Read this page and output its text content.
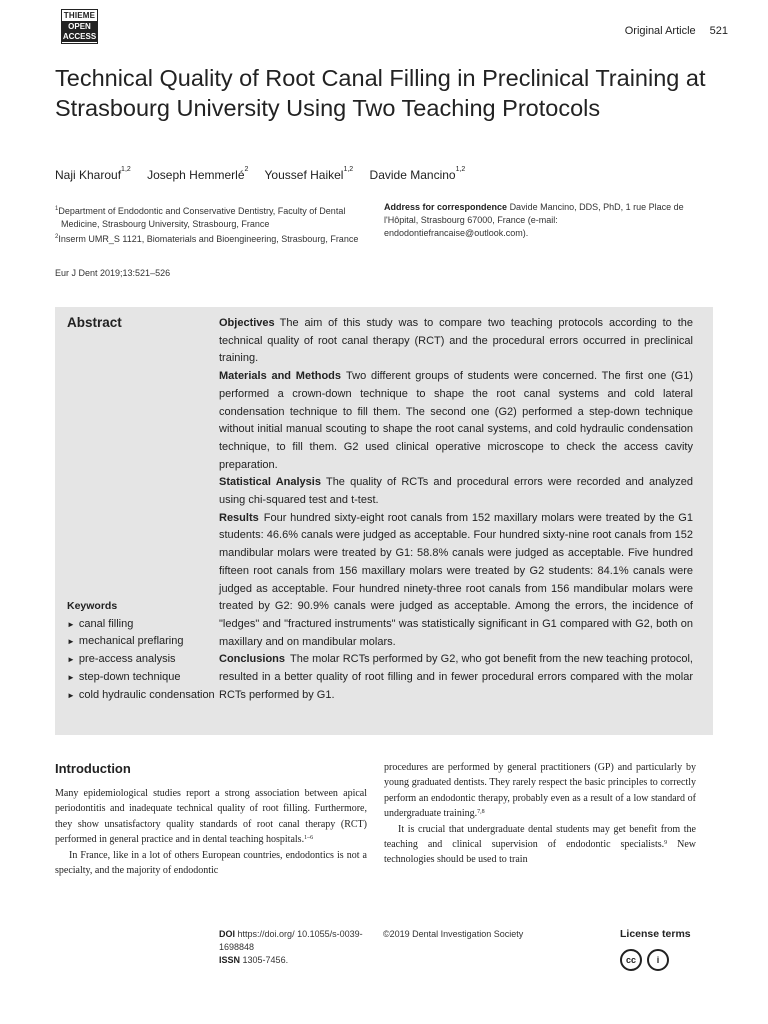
THIEME
OPEN
ACCESS	Original Article 521
Technical Quality of Root Canal Filling in Preclinical Training at Strasbourg University Using Two Teaching Protocols
Naji Kharouf$^{1,2}$ Joseph Hemmerlé$^2$ Youssef Haikel$^{1,2}$ Davide Mancino$^{1,2}$
$^1$Department of Endodontic and Conservative Dentistry, Faculty of Dental Medicine, Strasbourg University, Strasbourg, France
$^2$Inserm UMR_S 1121, Biomaterials and Bioengineering, Strasbourg, France
Address for correspondence Davide Mancino, DDS, PhD, 1 rue Place de l'Hôpital, Strasbourg 67000, France (e-mail: endodontiefrancaise@outlook.com).
Eur J Dent 2019;13:521–526
Abstract	Objectives The aim of this study was to compare two teaching protocols according to the technical quality of root canal therapy (RCT) and the procedural errors occurred in preclinical training.
Materials and Methods Two different groups of students were concerned. The first one (G1) performed a crown-down technique to shape the root canal systems and cold lateral condensation technique to fill them. The second one (G2) performed a step-down technique without initial manual scouting to shape the root canal systems, and cold hydraulic condensation technique, to fill them. G2 used clinical operative microscope to check the access cavity preparation.
Statistical Analysis The quality of RCTs and procedural errors were recorded and analyzed using chi-squared test and t-test.
Results Four hundred sixty-eight root canals from 152 maxillary molars were treated by the G1 students: 46.6% canals were judged as acceptable. Four hundred sixty-nine root canals from 152 mandibular molars were treated by G1: 58.8% canals were judged as acceptable. Five hundred fifteen root canals from 156 maxillary molars were treated by G2 students: 84.1% canals were judged as acceptable. Four hundred ninety-three root canals from 156 mandibular molars were treated by G2: 90.9% canals were judged as acceptable. Among the errors, the incidence of "ledges" and "fractured instruments" was statistically significant in G1 compared with G2, both on maxillary and on mandibular molars.
Conclusions The molar RCTs performed by G2, who got benefit from the new teaching protocol, resulted in a better quality of root filling and in fewer procedural errors compared with the molar RCTs performed by G1.
Keywords
► canal filling
► mechanical preflaring
► pre-access analysis
► step-down technique
► cold hydraulic condensation
Introduction

Many epidemiological studies report a strong association between apical periodontitis and inadequate technical quality of root filling. Furthermore, they show unsatisfactory quality standards of root canal therapy (RCT) performed in general practice and in dental teaching hospitals.$^{1-6}$

In France, like in a lot of others European countries, endodontics is not a specialty, and the majority of endodontic

procedures are performed by general practitioners (GP) and particularly by young graduated dentists. They rarely respect the basic principles to correctly perform an endodontic therapy, probably even as a result of a low standard of undergraduate training.$^{7,8}$

It is crucial that undergraduate dental students may get benefit from the teaching and clinical supervision of endodontic specialists.$^9$ New technologies should be used to train

DOI https://doi.org/ 10.1055/s-0039-1698848
ISSN 1305-7456.
©2019 Dental Investigation Society	License terms
cc	i
